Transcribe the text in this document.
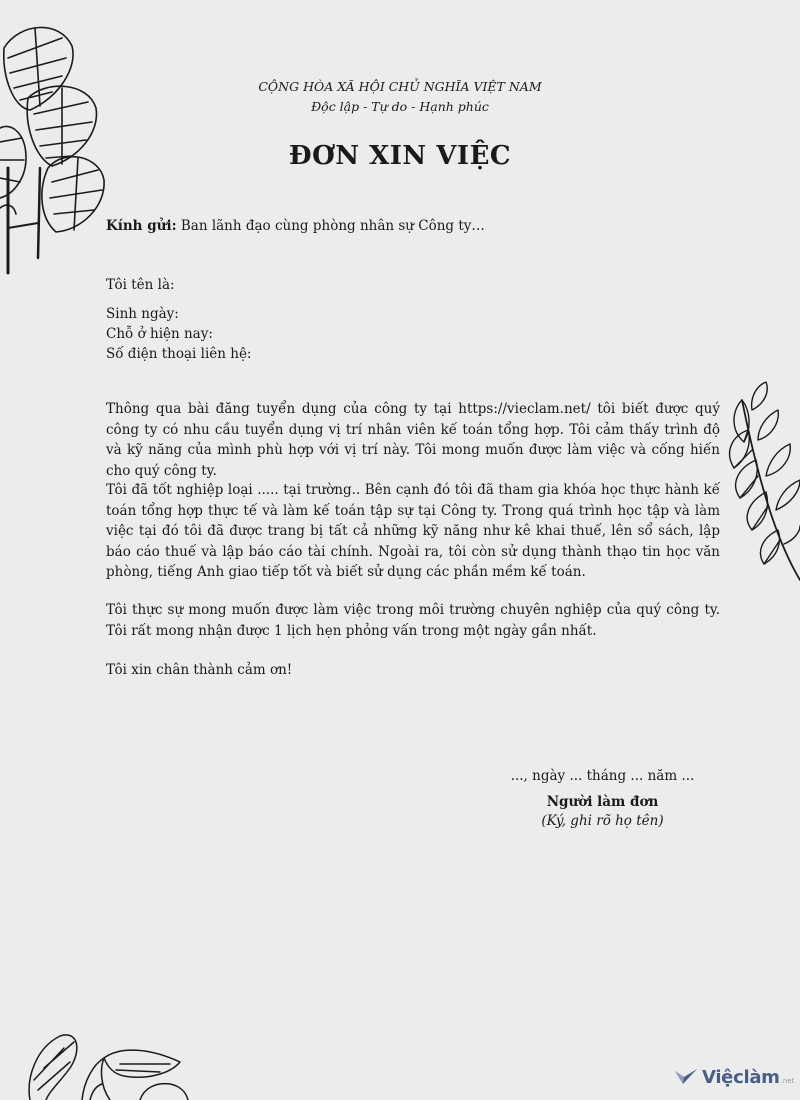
CỘNG HÒA XÃ HỘI CHỦ NGHĨA VIỆT NAM
Độc lập - Tự do - Hạnh phúc
ĐƠN XIN VIỆC
Kính gửi: Ban lãnh đạo cùng phòng nhân sự Công ty…
Tôi tên là:
Sinh ngày:
Chỗ ở hiện nay:
Số điện thoại liên hệ:
Thông qua bài đăng tuyển dụng của công ty tại https://vieclam.net/ tôi biết được quý công ty có nhu cầu tuyển dụng vị trí nhân viên kế toán tổng hợp. Tôi cảm thấy trình độ và kỹ năng của mình phù hợp với vị trí này. Tôi mong muốn được làm việc và cống hiến cho quý công ty.
Tôi đã tốt nghiệp loại ..... tại trường.. Bên cạnh đó tôi đã tham gia khóa học thực hành kế toán tổng hợp thực tế và làm kế toán tập sự tại Công ty. Trong quá trình học tập và làm việc tại đó tôi đã được trang bị tất cả những kỹ năng như kê khai thuế, lên sổ sách, lập báo cáo thuế và lập báo cáo tài chính. Ngoài ra, tôi còn sử dụng thành thạo tin học văn phòng, tiếng Anh giao tiếp tốt và biết sử dụng các phần mềm kế toán.
Tôi thực sự mong muốn được làm việc trong môi trường chuyên nghiệp của quý công ty. Tôi rất mong nhận được 1 lịch hẹn phỏng vấn trong một ngày gần nhất.
Tôi xin chân thành cảm ơn!
..., ngày ... tháng ... năm ...
Người làm đơn
(Ký, ghi rõ họ tên)
Việclàm .net
